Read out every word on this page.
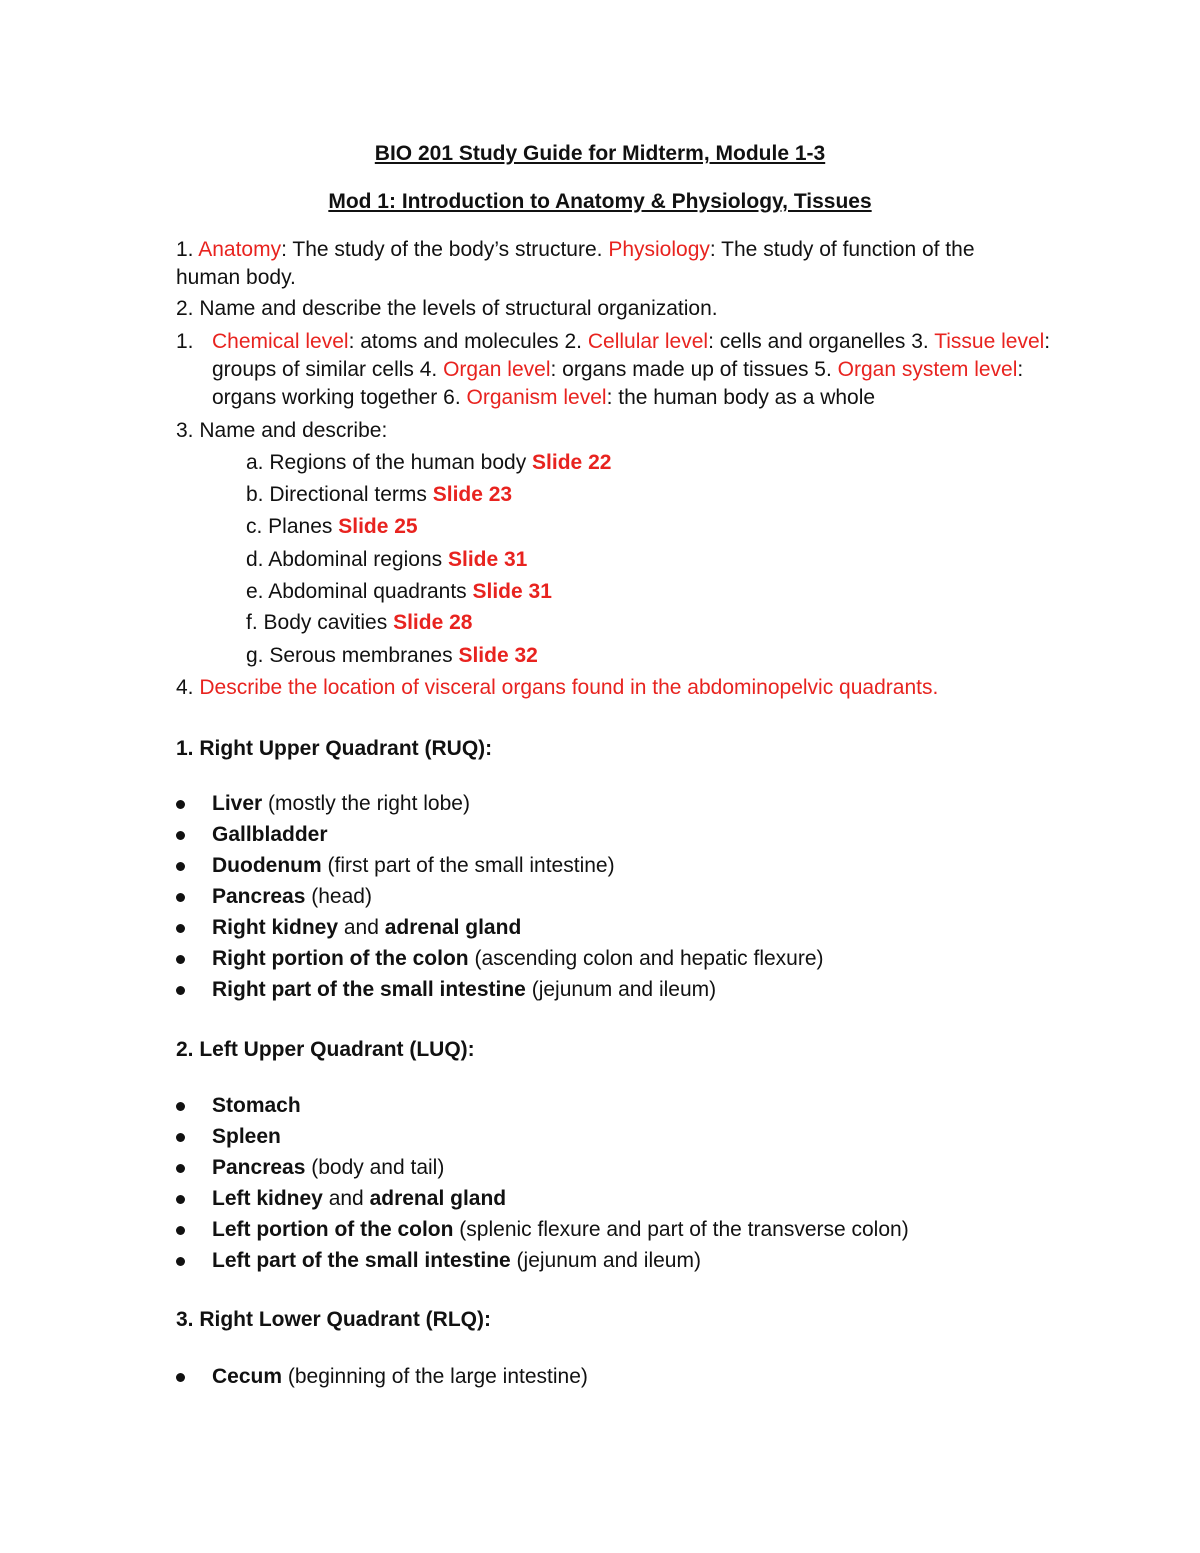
BIO 201 Study Guide for Midterm, Module 1-3
Mod 1: Introduction to Anatomy & Physiology, Tissues
1. Anatomy: The study of the body’s structure. Physiology: The study of function of the
human body.
2. Name and describe the levels of structural organization.
1. Chemical level: atoms and molecules 2. Cellular level: cells and organelles 3. Tissue level:
groups of similar cells 4. Organ level: organs made up of tissues 5. Organ system level:
organs working together 6. Organism level: the human body as a whole
3. Name and describe:
a. Regions of the human body Slide 22
b. Directional terms Slide 23
c. Planes Slide 25
d. Abdominal regions Slide 31
e. Abdominal quadrants Slide 31
f. Body cavities Slide 28
g. Serous membranes Slide 32
4. Describe the location of visceral organs found in the abdominopelvic quadrants.
1. Right Upper Quadrant (RUQ):
Liver (mostly the right lobe)
Gallbladder
Duodenum (first part of the small intestine)
Pancreas (head)
Right kidney and adrenal gland
Right portion of the colon (ascending colon and hepatic flexure)
Right part of the small intestine (jejunum and ileum)
2. Left Upper Quadrant (LUQ):
Stomach
Spleen
Pancreas (body and tail)
Left kidney and adrenal gland
Left portion of the colon (splenic flexure and part of the transverse colon)
Left part of the small intestine (jejunum and ileum)
3. Right Lower Quadrant (RLQ):
Cecum (beginning of the large intestine)
